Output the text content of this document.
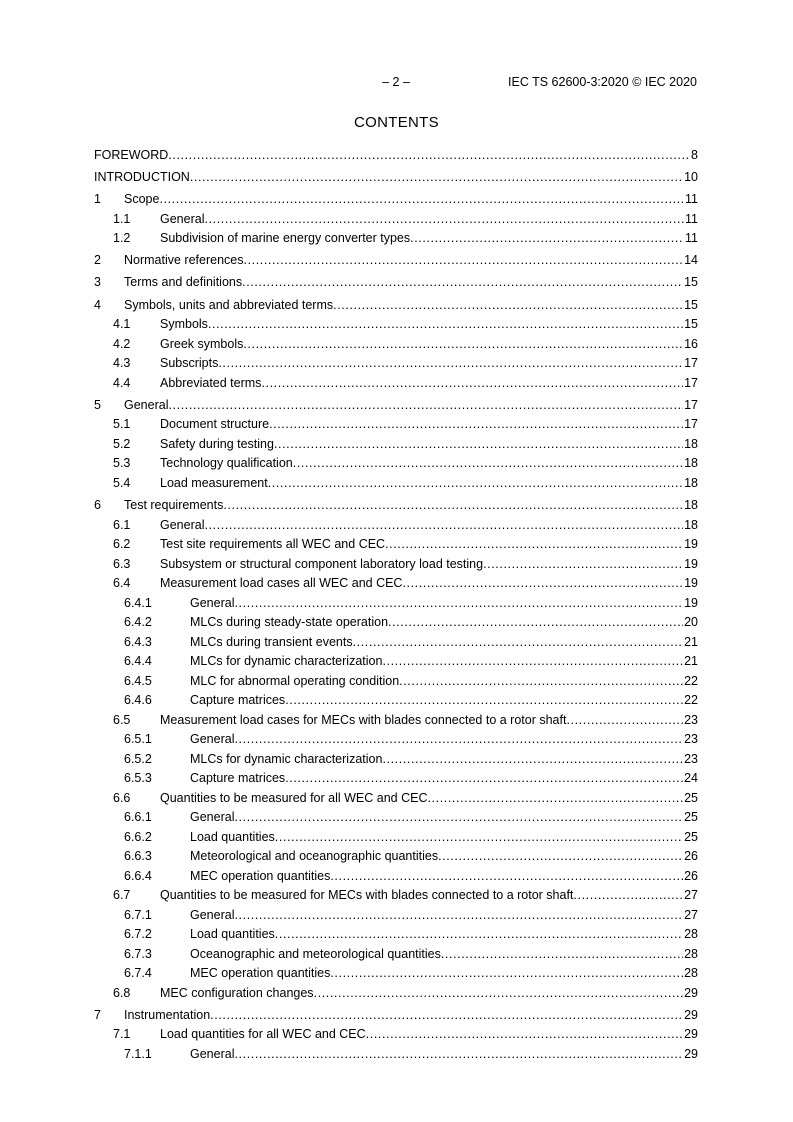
– 2 –	IEC TS 62600-3:2020 © IEC 2020
CONTENTS
FOREWORD .....	8
INTRODUCTION .....	10
1	Scope .....	11
1.1	General .....	11
1.2	Subdivision of marine energy converter types .....	11
2	Normative references .....	14
3	Terms and definitions .....	15
4	Symbols, units and abbreviated terms .....	15
4.1	Symbols .....	15
4.2	Greek symbols .....	16
4.3	Subscripts .....	17
4.4	Abbreviated terms .....	17
5	General .....	17
5.1	Document structure .....	17
5.2	Safety during testing .....	18
5.3	Technology qualification .....	18
5.4	Load measurement .....	18
6	Test requirements .....	18
6.1	General .....	18
6.2	Test site requirements all WEC and CEC .....	19
6.3	Subsystem or structural component laboratory load testing .....	19
6.4	Measurement load cases all WEC and CEC .....	19
6.4.1	General .....	19
6.4.2	MLCs during steady-state operation .....	20
6.4.3	MLCs during transient events .....	21
6.4.4	MLCs for dynamic characterization .....	21
6.4.5	MLC for abnormal operating condition .....	22
6.4.6	Capture matrices .....	22
6.5	Measurement load cases for MECs with blades connected to a rotor shaft .....	23
6.5.1	General .....	23
6.5.2	MLCs for dynamic characterization .....	23
6.5.3	Capture matrices .....	24
6.6	Quantities to be measured for all WEC and CEC .....	25
6.6.1	General .....	25
6.6.2	Load quantities .....	25
6.6.3	Meteorological and oceanographic quantities .....	26
6.6.4	MEC operation quantities .....	26
6.7	Quantities to be measured for MECs with blades connected to a rotor shaft .....	27
6.7.1	General .....	27
6.7.2	Load quantities .....	28
6.7.3	Oceanographic and meteorological quantities .....	28
6.7.4	MEC operation quantities .....	28
6.8	MEC configuration changes .....	29
7	Instrumentation .....	29
7.1	Load quantities for all WEC and CEC .....	29
7.1.1	General .....	29
